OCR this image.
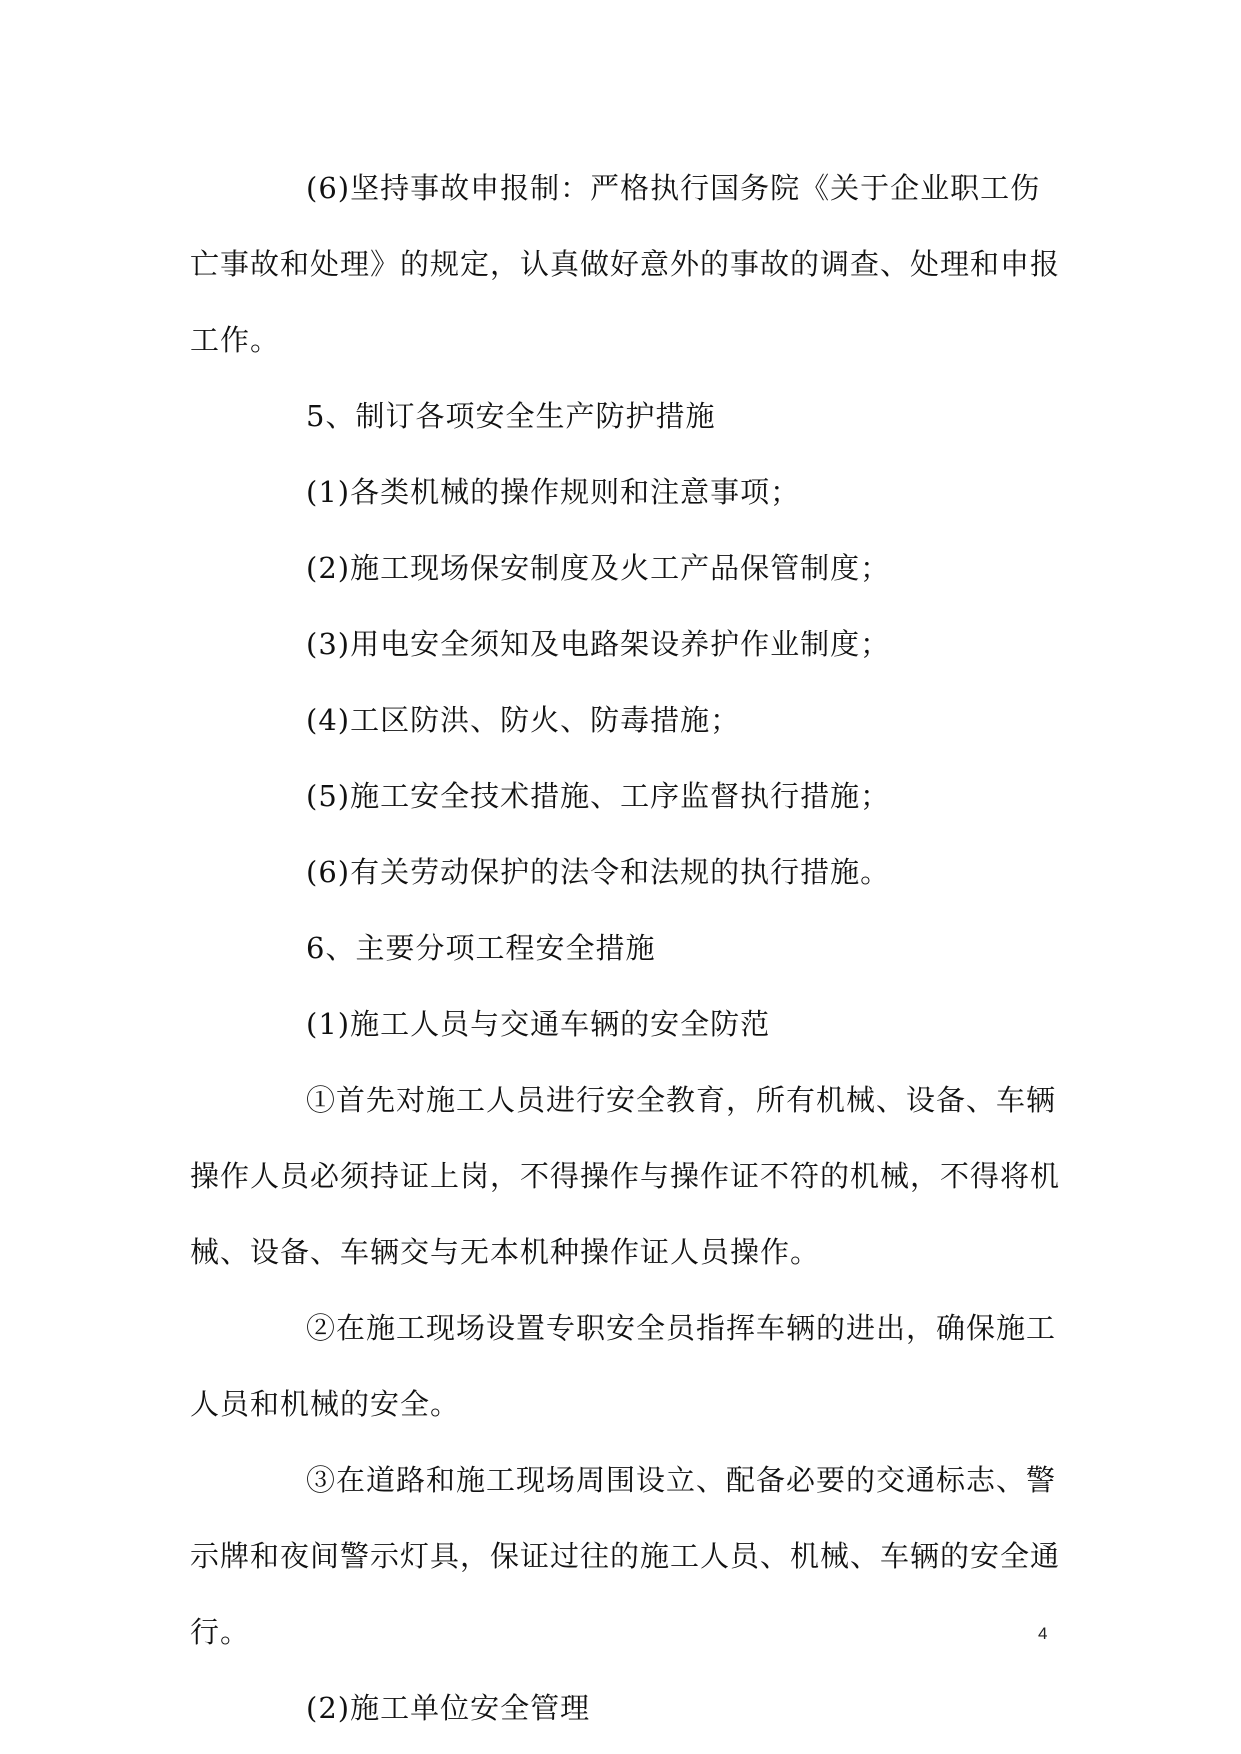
(6)坚持事故申报制：严格执行国务院《关于企业职工伤亡事故和处理》的规定，认真做好意外的事故的调查、处理和申报工作。

5、制订各项安全生产防护措施

(1)各类机械的操作规则和注意事项；

(2)施工现场保安制度及火工产品保管制度；

(3)用电安全须知及电路架设养护作业制度；

(4)工区防洪、防火、防毒措施；

(5)施工安全技术措施、工序监督执行措施；

(6)有关劳动保护的法令和法规的执行措施。

6、主要分项工程安全措施

(1)施工人员与交通车辆的安全防范

①首先对施工人员进行安全教育，所有机械、设备、车辆操作人员必须持证上岗，不得操作与操作证不符的机械，不得将机械、设备、车辆交与无本机种操作证人员操作。

②在施工现场设置专职安全员指挥车辆的进出，确保施工人员和机械的安全。

③在道路和施工现场周围设立、配备必要的交通标志、警示牌和夜间警示灯具，保证过往的施工人员、机械、车辆的安全通行。

(2)施工单位安全管理

4
